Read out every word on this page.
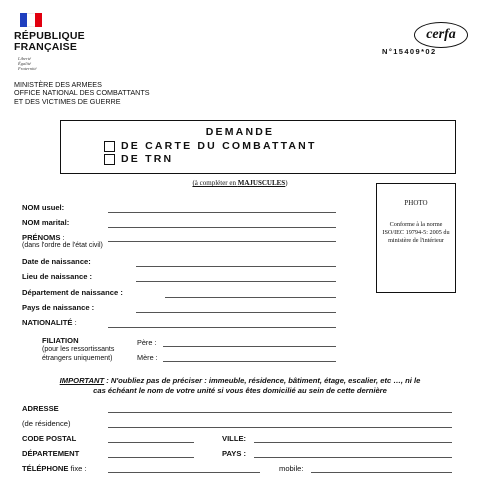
RÉPUBLIQUE
FRANÇAISE
Liberté
Égalité
Fraternité
MINISTÈRE DES ARMEES
OFFICE NATIONAL DES COMBATTANTS
ET DES VICTIMES DE GUERRE
cerfa
N°15409*02
DEMANDE
DE CARTE DU COMBATTANT
DE TRN
(à compléter en MAJUSCULES)
PHOTO
Conforme à la norme ISO/IEC 19794-5: 2005 du ministère de l'intérieur
NOM usuel:
NOM marital:
PRÉNOMS :
(dans l'ordre de l'état civil)
Date de naissance:
Lieu de naissance :
Département de naissance :
Pays de naissance :
NATIONALITÉ :
FILIATION
(pour les ressortissants
étrangers uniquement)
Père :
Mère :
IMPORTANT : N'oubliez pas de préciser : immeuble, résidence, bâtiment, étage, escalier, etc …, ni le
cas échéant le nom de votre unité si vous êtes domicilié au sein de cette dernière
ADRESSE
(de résidence)
CODE POSTAL	VILLE:
DÉPARTEMENT	PAYS :
TÉLÉPHONE fixe :	mobile:
